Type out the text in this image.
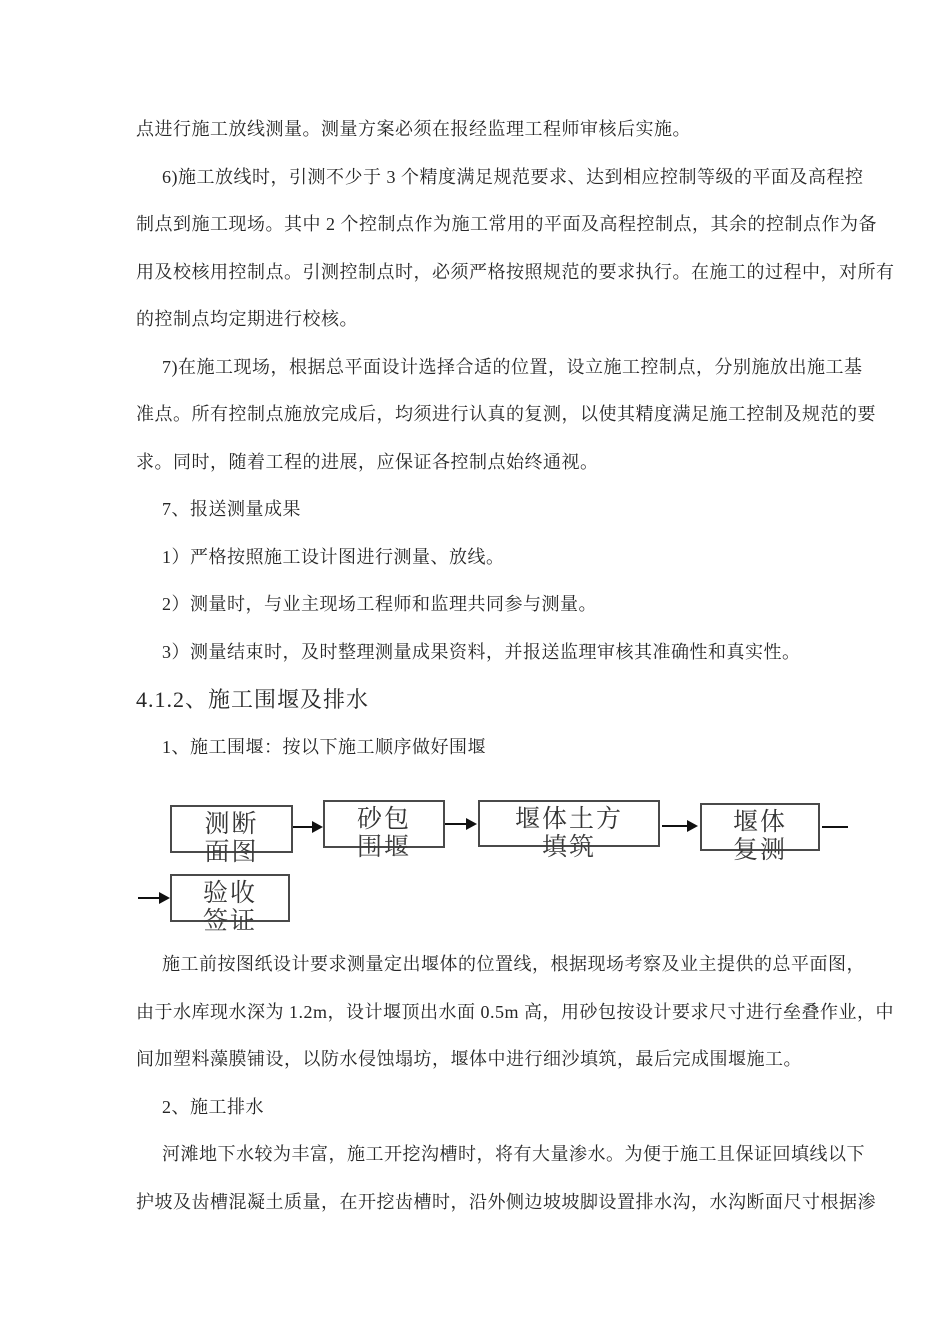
点进行施工放线测量。测量方案必须在报经监理工程师审核后实施。
6)施工放线时，引测不少于 3 个精度满足规范要求、达到相应控制等级的平面及高程控
制点到施工现场。其中 2 个控制点作为施工常用的平面及高程控制点，其余的控制点作为备
用及校核用控制点。引测控制点时，必须严格按照规范的要求执行。在施工的过程中，对所有
的控制点均定期进行校核。
7)在施工现场，根据总平面设计选择合适的位置，设立施工控制点，分别施放出施工基
准点。所有控制点施放完成后，均须进行认真的复测，以使其精度满足施工控制及规范的要
求。同时，随着工程的进展，应保证各控制点始终通视。
7、报送测量成果
1）严格按照施工设计图进行测量、放线。
2）测量时，与业主现场工程师和监理共同参与测量。
3）测量结束时，及时整理测量成果资料，并报送监理审核其准确性和真实性。
4.1.2、施工围堰及排水
1、施工围堰：按以下施工顺序做好围堰
测断
面图
砂包
围堰
堰体土方
填筑
堰体
复测
验收
签证
施工前按图纸设计要求测量定出堰体的位置线，根据现场考察及业主提供的总平面图，
由于水库现水深为 1.2m，设计堰顶出水面 0.5m 高，用砂包按设计要求尺寸进行垒叠作业，中
间加塑料藻膜铺设，以防水侵蚀塌坊，堰体中进行细沙填筑，最后完成围堰施工。
2、施工排水
河滩地下水较为丰富，施工开挖沟槽时，将有大量渗水。为便于施工且保证回填线以下
护坡及齿槽混凝土质量，在开挖齿槽时，沿外侧边坡坡脚设置排水沟，水沟断面尺寸根据渗
